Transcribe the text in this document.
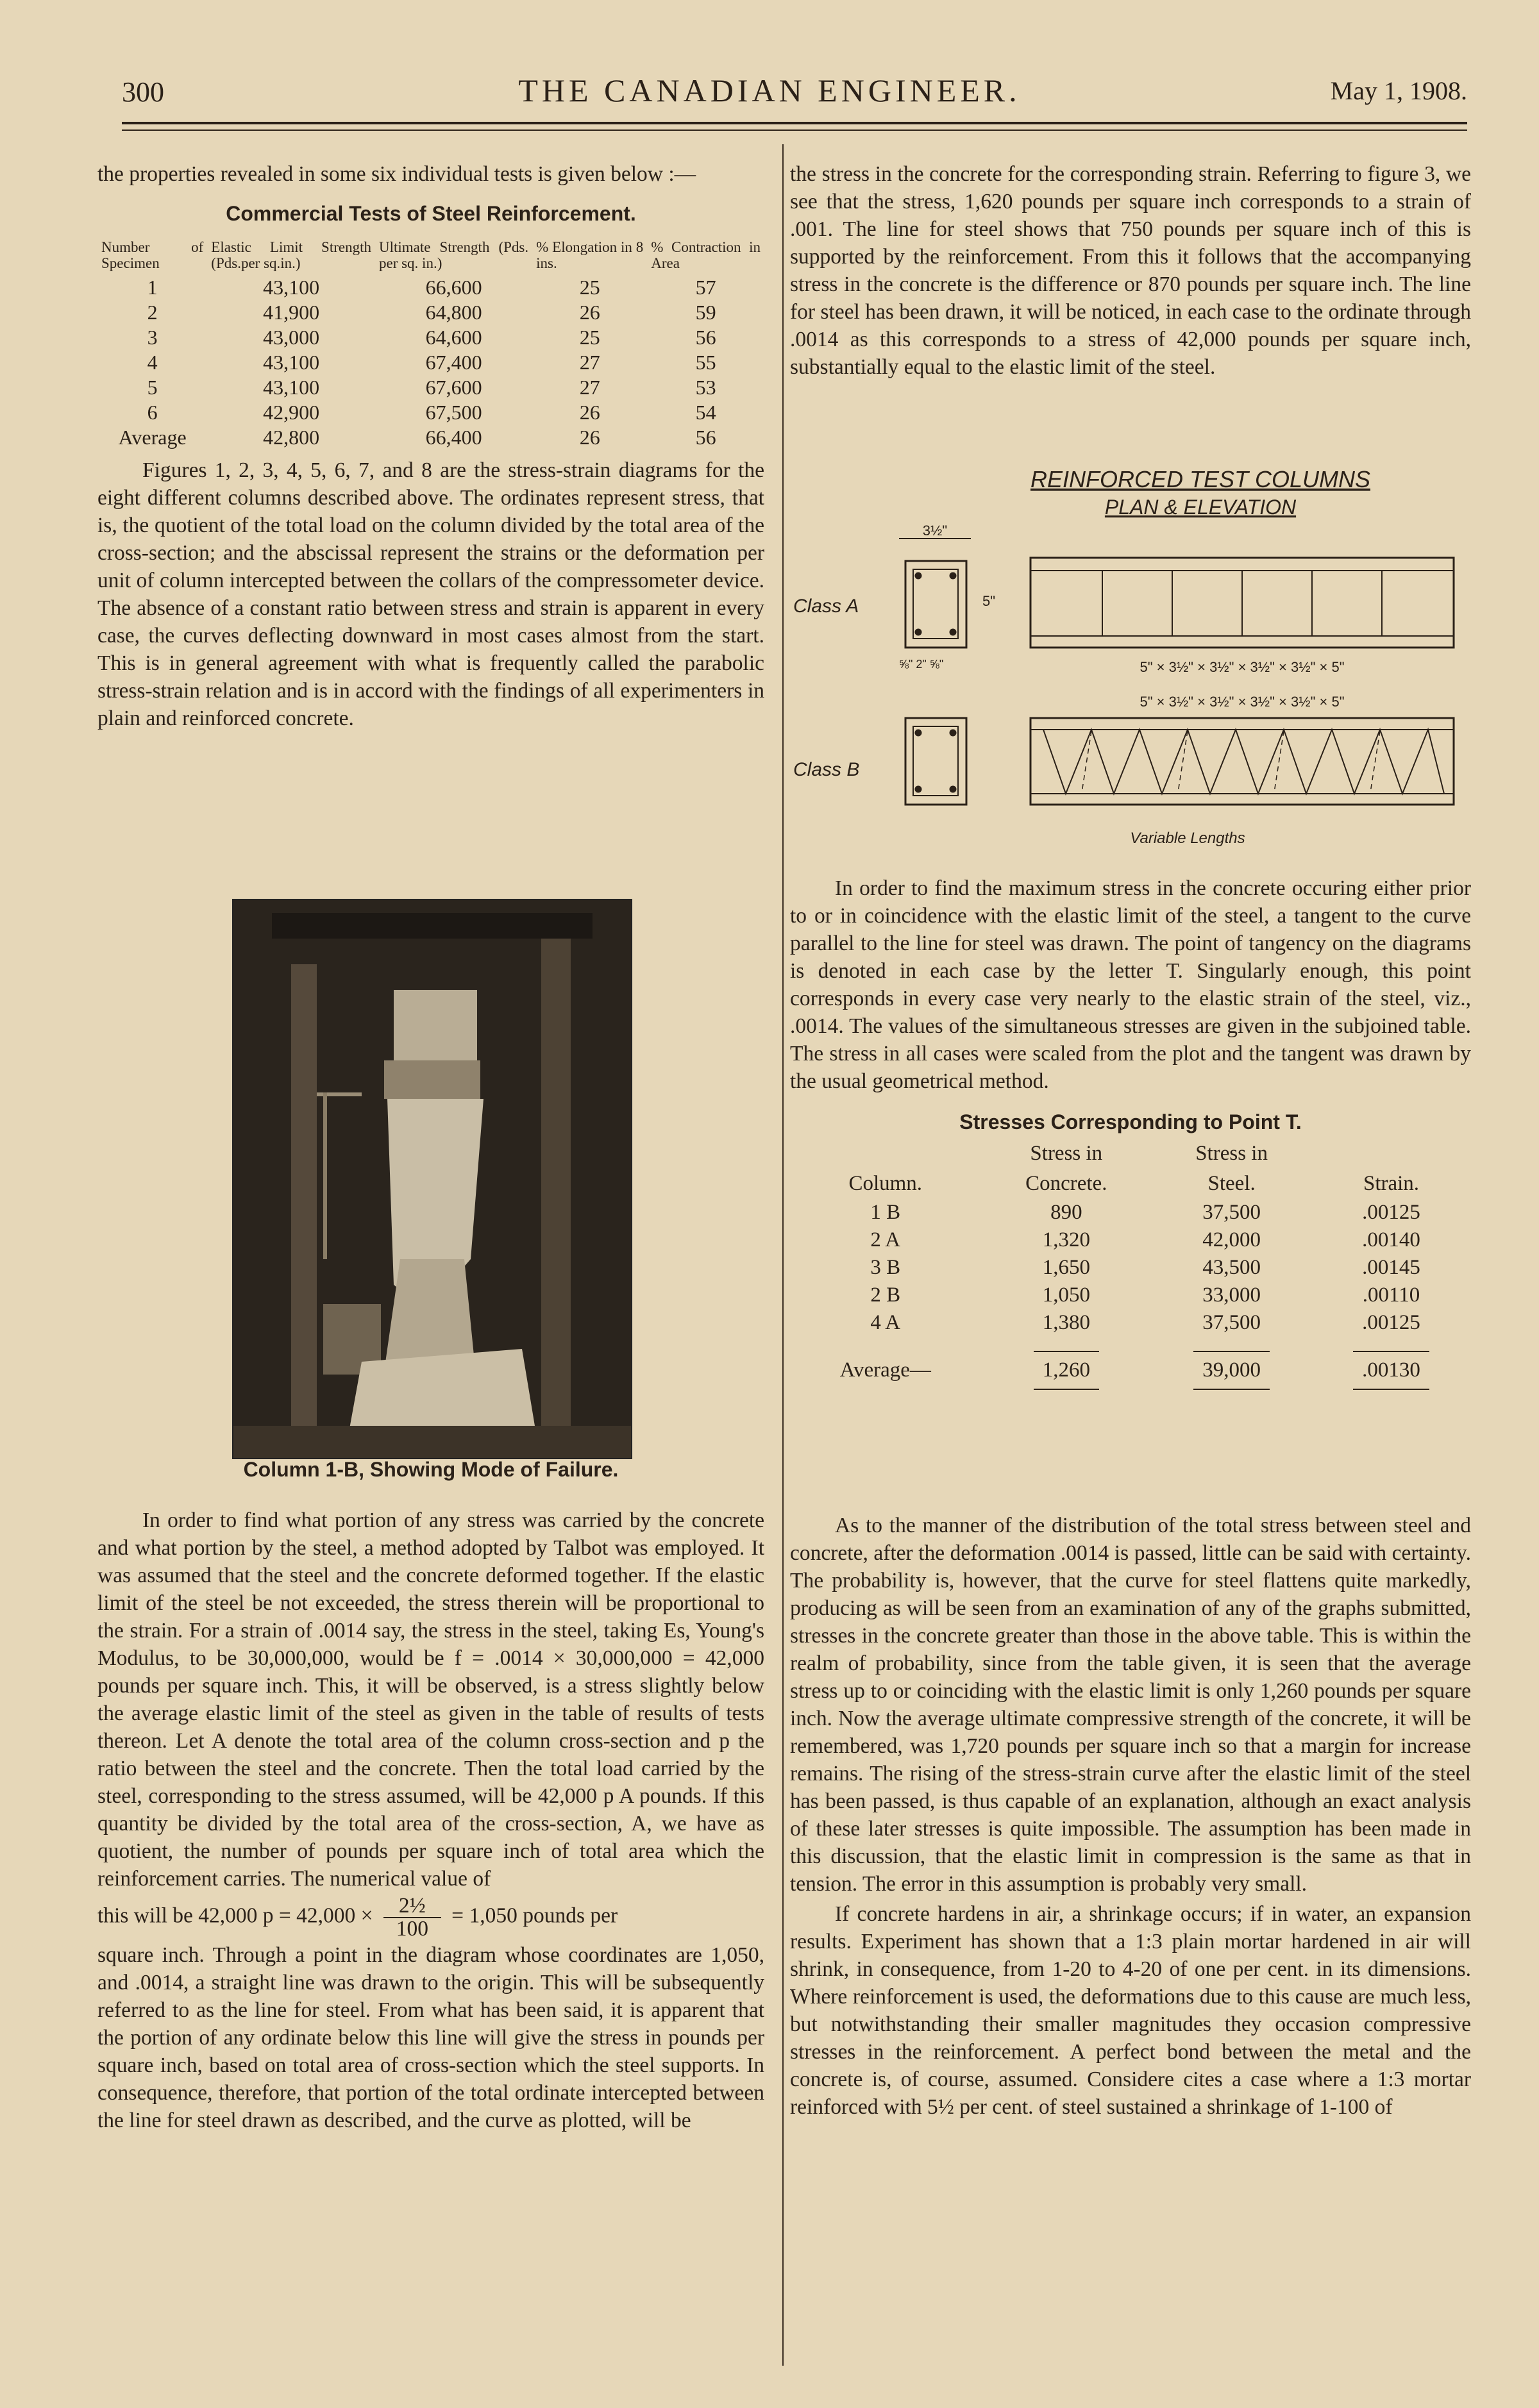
300	THE CANADIAN ENGINEER.	May 1, 1908.

the properties revealed in some six individual tests is given below :—

Commercial Tests of Steel Reinforcement.
Number of Specimen	Elastic Limit Strength (Pds.per sq.in.)	Ultimate Strength (Pds. per sq. in.)	% Elongation in 8 ins.	% Contraction in Area
1	43,100	66,600	25	57
2	41,900	64,800	26	59
3	43,000	64,600	25	56
4	43,100	67,400	27	55
5	43,100	67,600	27	53
6	42,900	67,500	26	54
Average	42,800	66,400	26	56

Figures 1, 2, 3, 4, 5, 6, 7, and 8 are the stress-strain diagrams for the eight different columns described above. The ordinates represent stress, that is, the quotient of the total load on the column divided by the total area of the cross-section; and the abscissal represent the strains or the deformation per unit of column intercepted between the collars of the compressometer device. The absence of a constant ratio between stress and strain is apparent in every case, the curves deflecting downward in most cases almost from the start. This is in general agreement with what is frequently called the parabolic stress-strain relation and is in accord with the findings of all experimenters in plain and reinforced concrete.

Column 1-B, Showing Mode of Failure.

In order to find what portion of any stress was carried by the concrete and what portion by the steel, a method adopted by Talbot was employed. It was assumed that the steel and the concrete deformed together. If the elastic limit of the steel be not exceeded, the stress therein will be proportional to the strain. For a strain of .0014 say, the stress in the steel, taking Es, Young's Modulus, to be 30,000,000, would be f = .0014 × 30,000,000 = 42,000 pounds per square inch. This, it will be observed, is a stress slightly below the average elastic limit of the steel as given in the table of results of tests thereon. Let A denote the total area of the column cross-section and p the ratio between the steel and the concrete. Then the total load carried by the steel, corresponding to the stress assumed, will be 42,000 p A pounds. If this quantity be divided by the total area of the cross-section, A, we have as quotient, the number of pounds per square inch of total area which the reinforcement carries. The numerical value of

this will be 42,000 $p = 42,000 \times \frac{\text{2½}}{100} = 1,050$ pounds per

square inch. Through a point in the diagram whose coordinates are 1,050, and .0014, a straight line was drawn to the origin. This will be subsequently referred to as the line for steel. From what has been said, it is apparent that the portion of any ordinate below this line will give the stress in pounds per square inch, based on total area of cross-section which the steel supports. In consequence, therefore, that portion of the total ordinate intercepted between the line for steel drawn as described, and the curve as plotted, will be

the stress in the concrete for the corresponding strain. Referring to figure 3, we see that the stress, 1,620 pounds per square inch corresponds to a strain of .001. The line for steel shows that 750 pounds per square inch of this is supported by the reinforcement. From this it follows that the accompanying stress in the concrete is the difference or 870 pounds per square inch. The line for steel has been drawn, it will be noticed, in each case to the ordinate through .0014 as this corresponds to a stress of 42,000 pounds per square inch, substantially equal to the elastic limit of the steel.

REINFORCED TEST COLUMNS
PLAN & ELEVATION
3½"
5"
⅝" 2" ⅝"
Class A
5" × 3½" × 3½" × 3½" × 3½" × 5"
5" × 3½" × 3½" × 3½" × 3½" × 5"
Class B
Variable Lengths

In order to find the maximum stress in the concrete occuring either prior to or in coincidence with the elastic limit of the steel, a tangent to the curve parallel to the line for steel was drawn. The point of tangency on the diagrams is denoted in each case by the letter T. Singularly enough, this point corresponds in every case very nearly to the elastic strain of the steel, viz., .0014. The values of the simultaneous stresses are given in the subjoined table. The stress in all cases were scaled from the plot and the tangent was drawn by the usual geometrical method.

Stresses Corresponding to Point T.
	Stress in	Stress in	
Column.	Concrete.	Steel.	Strain.
1 B	890	37,500	.00125
2 A	1,320	42,000	.00140
3 B	1,650	43,500	.00145
2 B	1,050	33,000	.00110
4 A	1,380	37,500	.00125
Average—	1,260	39,000	.00130

As to the manner of the distribution of the total stress between steel and concrete, after the deformation .0014 is passed, little can be said with certainty. The probability is, however, that the curve for steel flattens quite markedly, producing as will be seen from an examination of any of the graphs submitted, stresses in the concrete greater than those in the above table. This is within the realm of probability, since from the table given, it is seen that the average stress up to or coinciding with the elastic limit is only 1,260 pounds per square inch. Now the average ultimate compressive strength of the concrete, it will be remembered, was 1,720 pounds per square inch so that a margin for increase remains. The rising of the stress-strain curve after the elastic limit of the steel has been passed, is thus capable of an explanation, although an exact analysis of these later stresses is quite impossible. The assumption has been made in this discussion, that the elastic limit in compression is the same as that in tension. The error in this assumption is probably very small.

If concrete hardens in air, a shrinkage occurs; if in water, an expansion results. Experiment has shown that a 1:3 plain mortar hardened in air will shrink, in consequence, from 1-20 to 4-20 of one per cent. in its dimensions. Where reinforcement is used, the deformations due to this cause are much less, but notwithstanding their smaller magnitudes they occasion compressive stresses in the reinforcement. A perfect bond between the metal and the concrete is, of course, assumed. Considere cites a case where a 1:3 mortar reinforced with 5½ per cent. of steel sustained a shrinkage of 1-100 of
